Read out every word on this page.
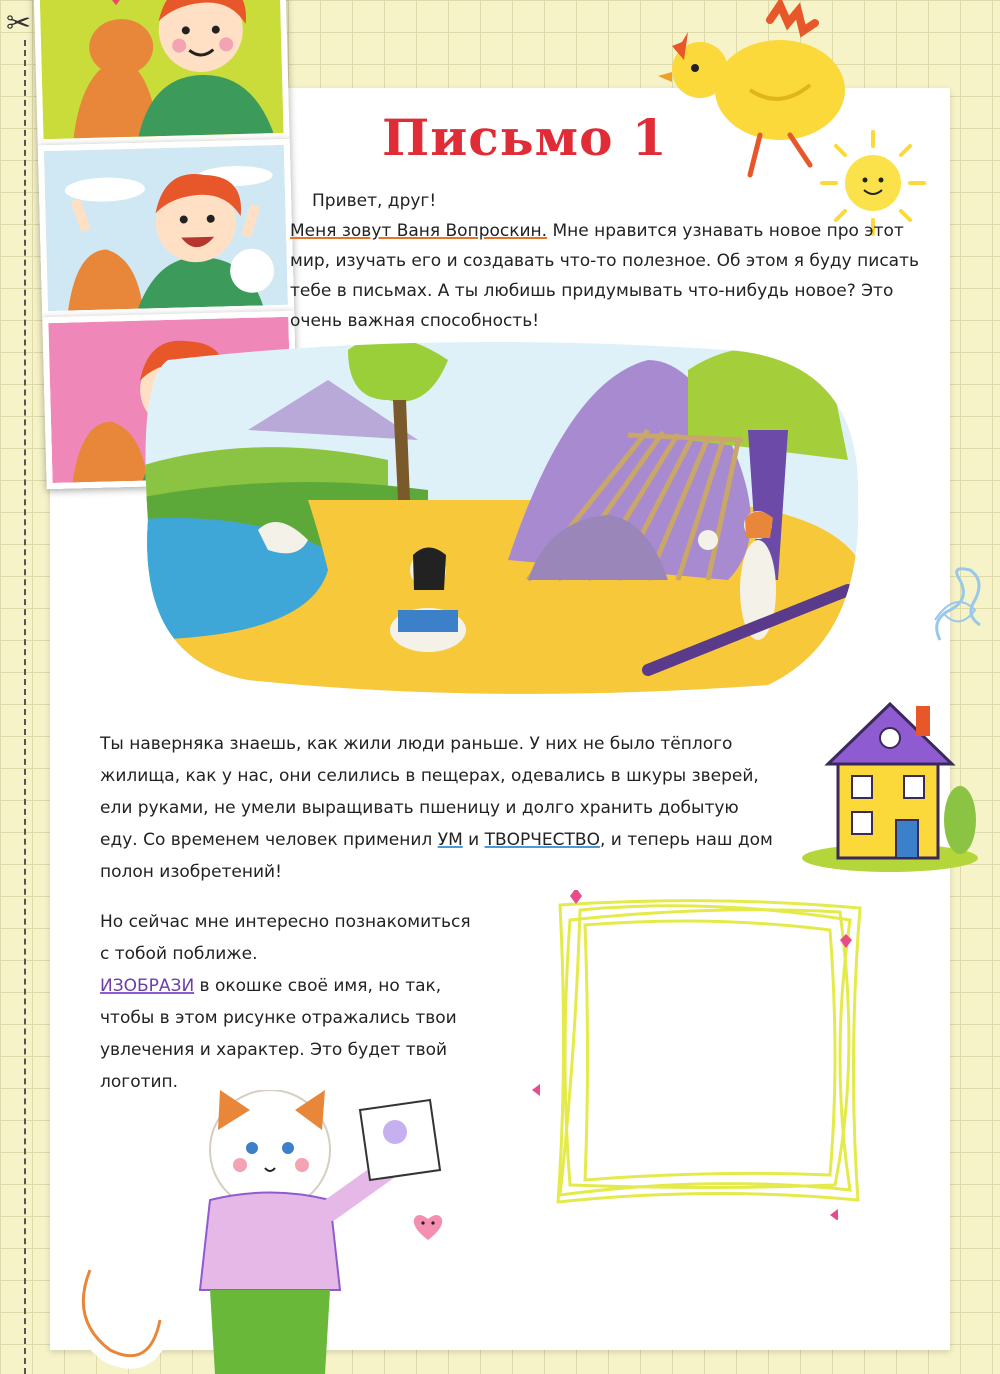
✂
Письмо 1

Привет, друг!

Меня зовут Ваня Вопроскин. Мне нравится узнавать новое про этот мир, изучать его и создавать что-то полезное. Об этом я буду писать тебе в письмах. А ты любишь придумывать что-нибудь новое? Это очень важная способность!

Ты наверняка знаешь, как жили люди раньше. У них не было тёплого жилища, как у нас, они селились в пещерах, одевались в шкуры зверей, ели руками, не умели выращивать пшеницу и долго хранить добытую еду. Со временем человек применил УМ и ТВОРЧЕСТВО, и теперь наш дом полон изобретений!

Но сейчас мне интересно познакомиться с тобой поближе.

ИЗОБРАЗИ в окошке своё имя, но так, чтобы в этом рисунке отражались твои увлечения и характер. Это будет твой логотип.
